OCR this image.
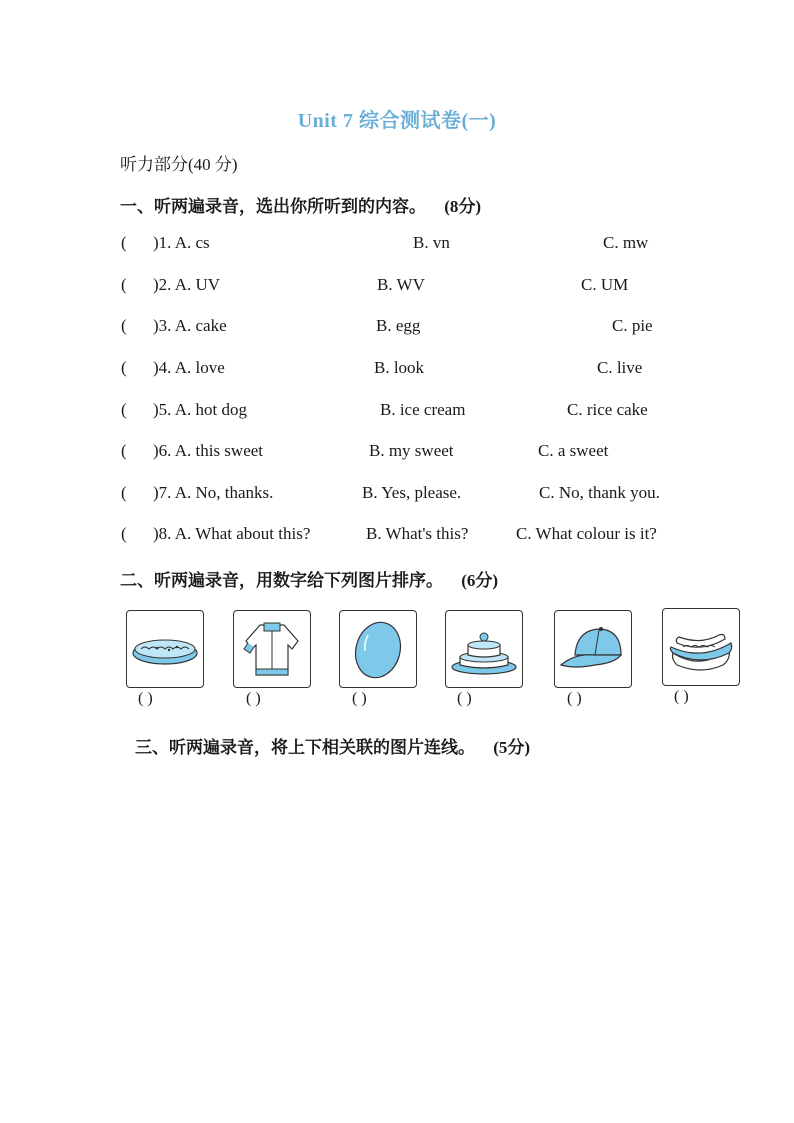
Unit 7 综合测试卷(一)
听力部分(40 分)
一、听两遍录音，选出你所听到的内容。 (8分)
( )1. A. cs	B. vn	C. mw
( )2. A. UV	B. WV	C. UM
( )3. A. cake	B. egg	C. pie
( )4. A. love	B. look	C. live
( )5. A. hot dog	B. ice cream	C. rice cake
( )6. A. this sweet	B. my sweet	C. a sweet
( )7. A. No, thanks.	B. Yes, please.	C. No, thank you.
( )8. A. What about this?	B. What's this?	C. What colour is it?
二、听两遍录音，用数字给下列图片排序。 (6分)
( )	( )	( )	( )	( )	( )
三、听两遍录音，将上下相关联的图片连线。 (5分)
